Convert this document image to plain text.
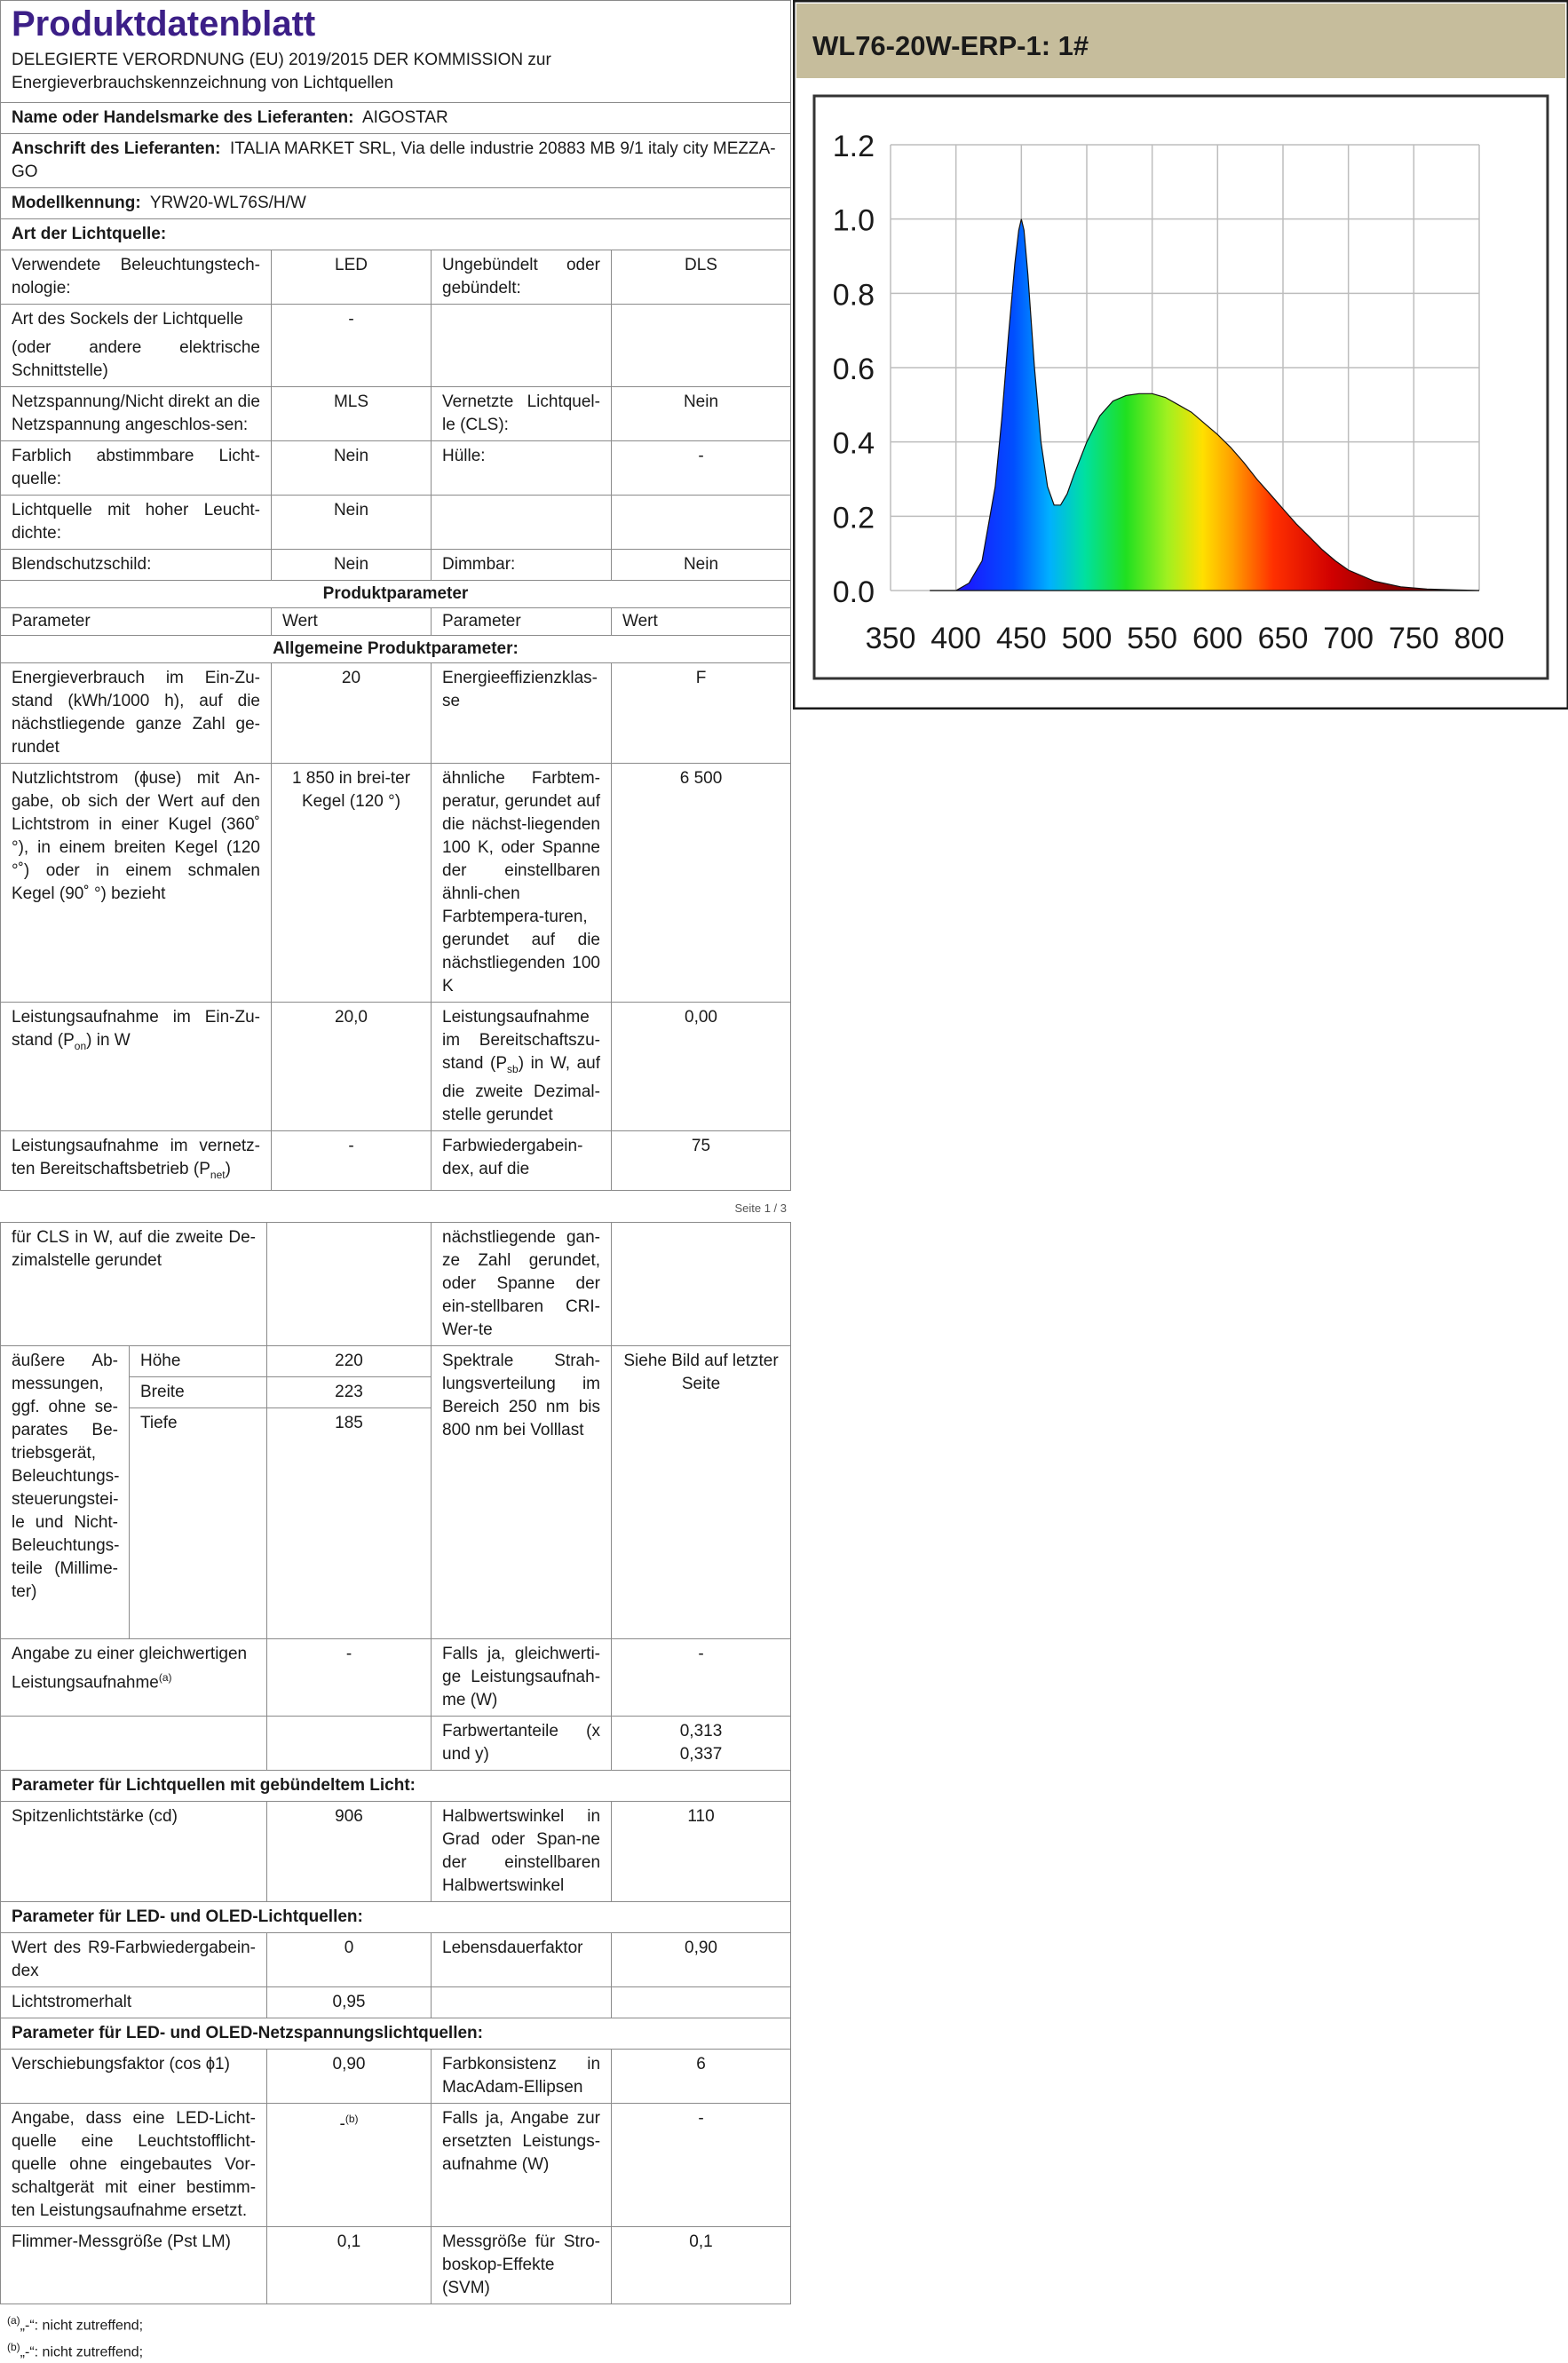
Produktdatenblatt
DELEGIERTE VERORDNUNG (EU) 2019/2015 DER KOMMISSION zur Energieverbrauchskennzeichnung von Lichtquellen			

Name oder Handelsmarke des Lieferanten: AIGOSTAR			
Anschrift des Lieferanten: ITALIA MARKET SRL, Via delle industrie 20883 MB 9/1 italy city MEZZA-GO			
Modellkennung: YRW20-WL76S/H/W			
Art der Lichtquelle:			
Verwendete Beleuchtungstech-nologie:	LED	Ungebündelt oder gebündelt:	DLS

Art des Sockels der Lichtquelle
(oder andere elektrische Schnittstelle)	-		
Netzspannung/Nicht direkt an die Netzspannung angeschlos-sen:	MLS	Vernetzte Lichtquel-le (CLS):	Nein
Farblich abstimmbare Licht-quelle:	Nein	Hülle:	-
Lichtquelle mit hoher Leucht-dichte:	Nein		
Blendschutzschild:	Nein	Dimmbar:	Nein
Produktparameter			
Parameter	Wert	Parameter	Wert
Allgemeine Produktparameter:			
Energieverbrauch im Ein-Zu-stand (kWh/1000 h), auf die nächstliegende ganze Zahl ge-rundet	20	Energieeffizienzklas-se	F
Nutzlichtstrom (ɸuse) mit An-gabe, ob sich der Wert auf den Lichtstrom in einer Kugel (360˚ °), in einem breiten Kegel (120 °˚) oder in einem schmalen Kegel (90˚ °) bezieht	1 850 in brei-ter Kegel (120 °)	ähnliche Farbtem-peratur, gerundet auf die nächst-liegenden 100 K, oder Spanne der einstellbaren ähnli-chen Farbtempera-turen, gerundet auf die nächstliegenden 100 K	6 500
Leistungsaufnahme im Ein-Zu-stand $(P_{on})$ in W	20,0	Leistungsaufnahme im Bereitschaftszu-stand $(P_{sb})$ in W, auf die zweite Dezimal-stelle gerundet	0,00
Leistungsaufnahme im vernetz-ten Bereitschaftsbetrieb $(P_{net})$	-	Farbwiedergabein-dex, auf die	75
Seite 1 / 3
für CLS in W, auf die zweite De-zimalstelle gerundet			nächstliegende gan-ze Zahl gerundet, oder Spanne der ein-stellbaren CRI-Wer-te	
äußere Ab-messungen, ggf. ohne se-parates Be-triebsgerät, Beleuchtungs-steuerungstei-le und Nicht-Beleuchtungs-teile (Millime-ter)	Höhe	220	Spektrale Strah-lungsverteilung im Bereich 250 nm bis 800 nm bei Volllast	Siehe Bild auf letzter Seite
	Breite	223		
	Tiefe	185		
Angabe zu einer gleichwertigen Leistungsaufnahme$^{(a)}$		-	Falls ja, gleichwerti-ge Leistungsaufnah-me (W)	-
			Farbwertanteile (x und y)	0,313
0,337

Parameter für Lichtquellen mit gebündeltem Licht:				
Spitzenlichtstärke (cd)		906	Halbwertswinkel in Grad oder Span-ne der einstellbaren Halbwertswinkel	110
Parameter für LED- und OLED-Lichtquellen:				
Wert des R9-Farbwiedergabein-dex		0	Lebensdauerfaktor	0,90
Lichtstromerhalt		0,95		
Parameter für LED- und OLED-Netzspannungslichtquellen:				
Verschiebungsfaktor (cos ɸ1)		0,90	Farbkonsistenz in MacAdam-Ellipsen	6
Angabe, dass eine LED-Licht-quelle eine Leuchtstofflicht-quelle ohne eingebautes Vor-schaltgerät mit einer bestimm-ten Leistungsaufnahme ersetzt.		-$^{(b)}$	Falls ja, Angabe zur ersetzten Leistungs-aufnahme (W)	-
Flimmer-Messgröße (Pst LM)		0,1	Messgröße für Stro-boskop-Effekte (SVM)	0,1
$^{(a)}$„-“: nicht zutreffend;
$^{(b)}$„-“: nicht zutreffend;
WL76-20W-ERP-1: 1#
0.0
0.2
0.4
0.6
0.8
1.0
1.2
350 400 450 500 550 600 650 700 750 800
